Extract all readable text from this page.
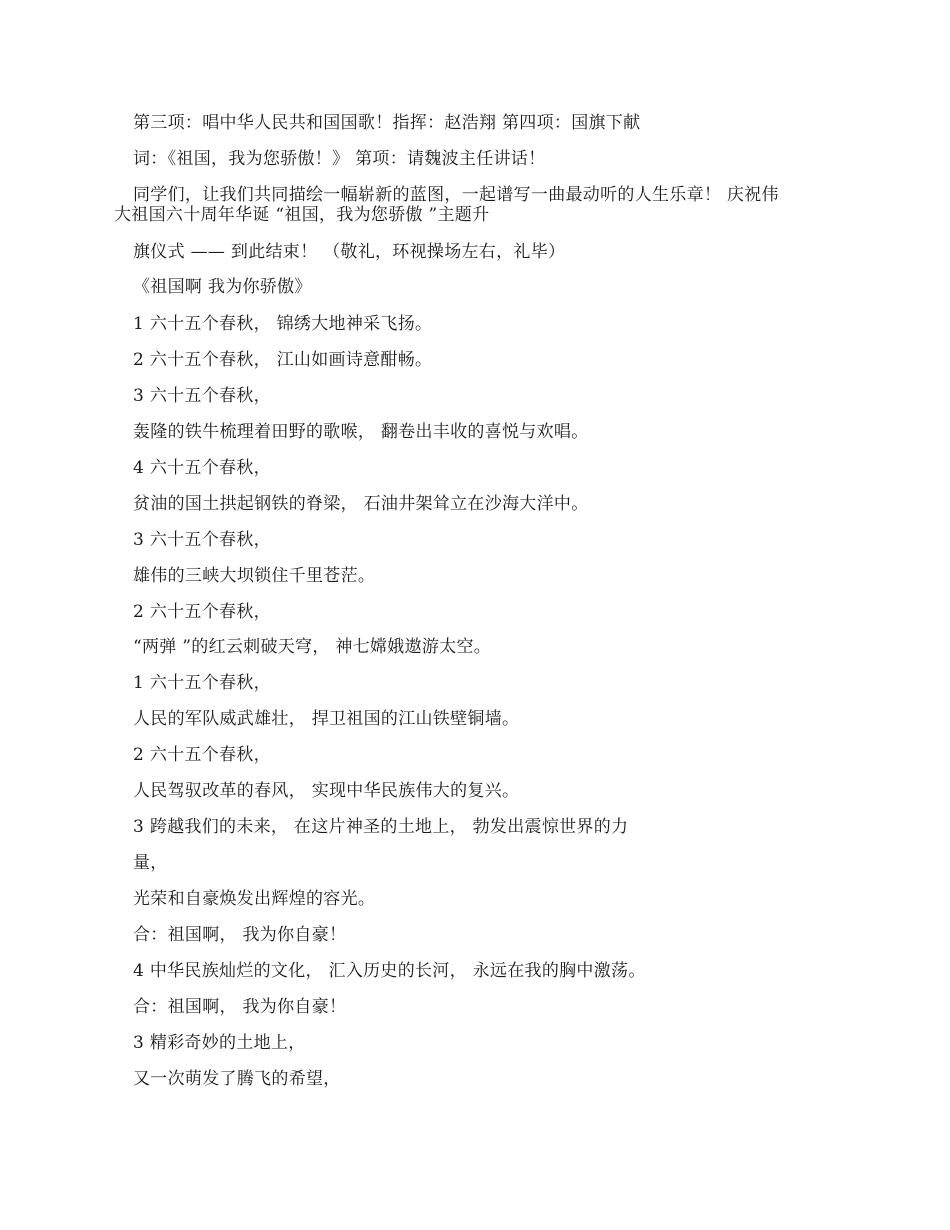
第三项：唱中华人民共和国国歌！指挥：赵浩翔 第四项：国旗下献
词：《祖国，我为您骄傲！》 第项：请魏波主任讲话！
同学们，让我们共同描绘一幅崭新的蓝图，一起谱写一曲最动听的人生乐章！ 庆祝伟
大祖国六十周年华诞 “祖国，我为您骄傲 ”主题升
旗仪式 —— 到此结束！ （敬礼，环视操场左右，礼毕）
《祖国啊 我为你骄傲》
1 六十五个春秋， 锦绣大地神采飞扬。
2 六十五个春秋， 江山如画诗意酣畅。
3 六十五个春秋，
轰隆的铁牛梳理着田野的歌喉， 翻卷出丰收的喜悦与欢唱。
4 六十五个春秋，
贫油的国土拱起钢铁的脊梁， 石油井架耸立在沙海大洋中。
3 六十五个春秋，
雄伟的三峡大坝锁住千里苍茫。
2 六十五个春秋，
“两弹 ”的红云刺破天穹， 神七嫦娥遨游太空。
1 六十五个春秋，
人民的军队威武雄壮， 捍卫祖国的江山铁壁铜墙。
2 六十五个春秋，
人民驾驭改革的春风， 实现中华民族伟大的复兴。
3 跨越我们的未来， 在这片神圣的土地上， 勃发出震惊世界的力
量，
光荣和自豪焕发出辉煌的容光。
合：祖国啊， 我为你自豪！
4 中华民族灿烂的文化， 汇入历史的长河， 永远在我的胸中激荡。
合：祖国啊， 我为你自豪！
3 精彩奇妙的土地上，
又一次萌发了腾飞的希望，
